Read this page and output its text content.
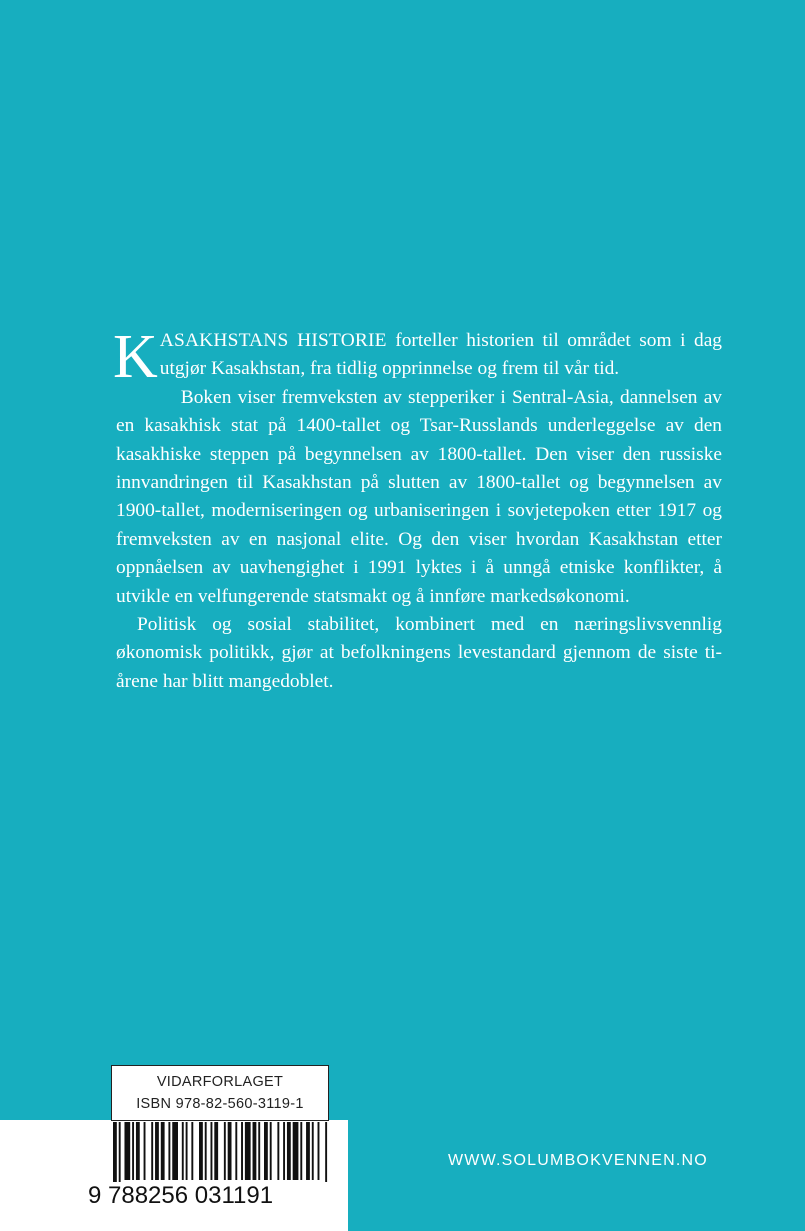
KASAKHSTANS HISTORIE forteller historien til området som i dag utgjør Kasakhstan, fra tidlig opprinnelse og frem til vår tid.

Boken viser fremveksten av stepperiker i Sentral-Asia, dannelsen av en kasakhisk stat på 1400-tallet og Tsar-Russlands underleggelse av den kasakhiske steppen på begynnelsen av 1800-tallet. Den viser den russiske innvandringen til Kasakhstan på slutten av 1800-tallet og begynnelsen av 1900-tallet, moderniseringen og urbaniseringen i sovjetepoken etter 1917 og fremveksten av en nasjonal elite. Og den viser hvordan Kasakhstan etter oppnåelsen av uavhengighet i 1991 lyktes i å unngå etniske konflikter, å utvikle en velfungerende statsmakt og å innføre markedsøkonomi.

Politisk og sosial stabilitet, kombinert med en næringslivsvennlig økonomisk politikk, gjør at befolkningens levestandard gjennom de siste ti-årene har blitt mangedoblet.

VIDARFORLAGET
ISBN 978-82-560-3119-1
9 788256 031191
WWW.SOLUMBOKVENNEN.NO
